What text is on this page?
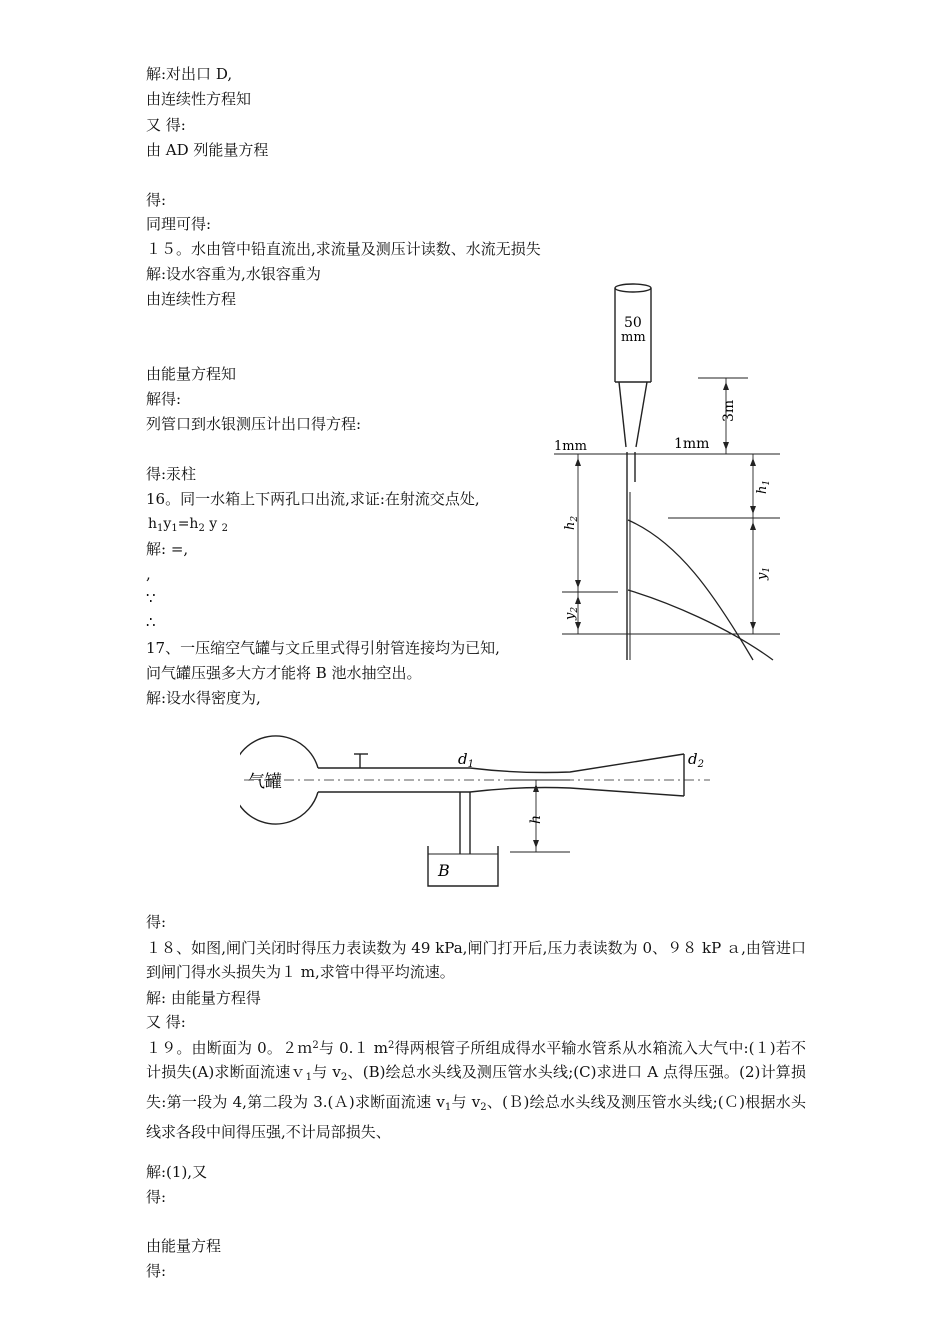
解:对出口 D,
由连续性方程知
又 得:
由 AD 列能量方程
得:
同理可得:
１５。水由管中铅直流出,求流量及测压计读数、水流无损失
解:设水容重为,水银容重为
由连续性方程
由能量方程知
解得:
列管口到水银测压计出口得方程:
得:汞柱
16。同一水箱上下两孔口出流,求证:在射流交点处,
$h_1y_1=h_2$ y $_2$
解: =,
,
∵
∴
17、一压缩空气罐与文丘里式得引射管连接均为已知,
问气罐压强多大方才能将 B 池水抽空出。
解:设水得密度为,
得:
１８、如图,闸门关闭时得压力表读数为 49 kPa,闸门打开后,压力表读数为 0、９８ kP ａ,由管进口到闸门得水头损失为１ m,求管中得平均流速。
解: 由能量方程得
又 得:
１９。由断面为 0。２ｍ$^2$与 0.１ $m^2$得两根管子所组成得水平输水管系从水箱流入大气中:(１)若不计损失(A)求断面流速ｖ$_1$与 $v_2$、(B)绘总水头线及测压管水头线;(C)求进口 A 点得压强。(2)计算损失:第一段为 4,第二段为 3.(Ａ)求断面流速 $v_1$与 $v_2$、(Ｂ)绘总水头线及测压管水头线;(Ｃ)根据水头线求各段中间得压强,不计局部损失、
解:(1),又
得:
由能量方程
得:
50
mm
3m
1mm	1mm
$h_1$
$y_1$
$h_2$
$y_2$
气罐
$d_1$	$d_2$
h
B
